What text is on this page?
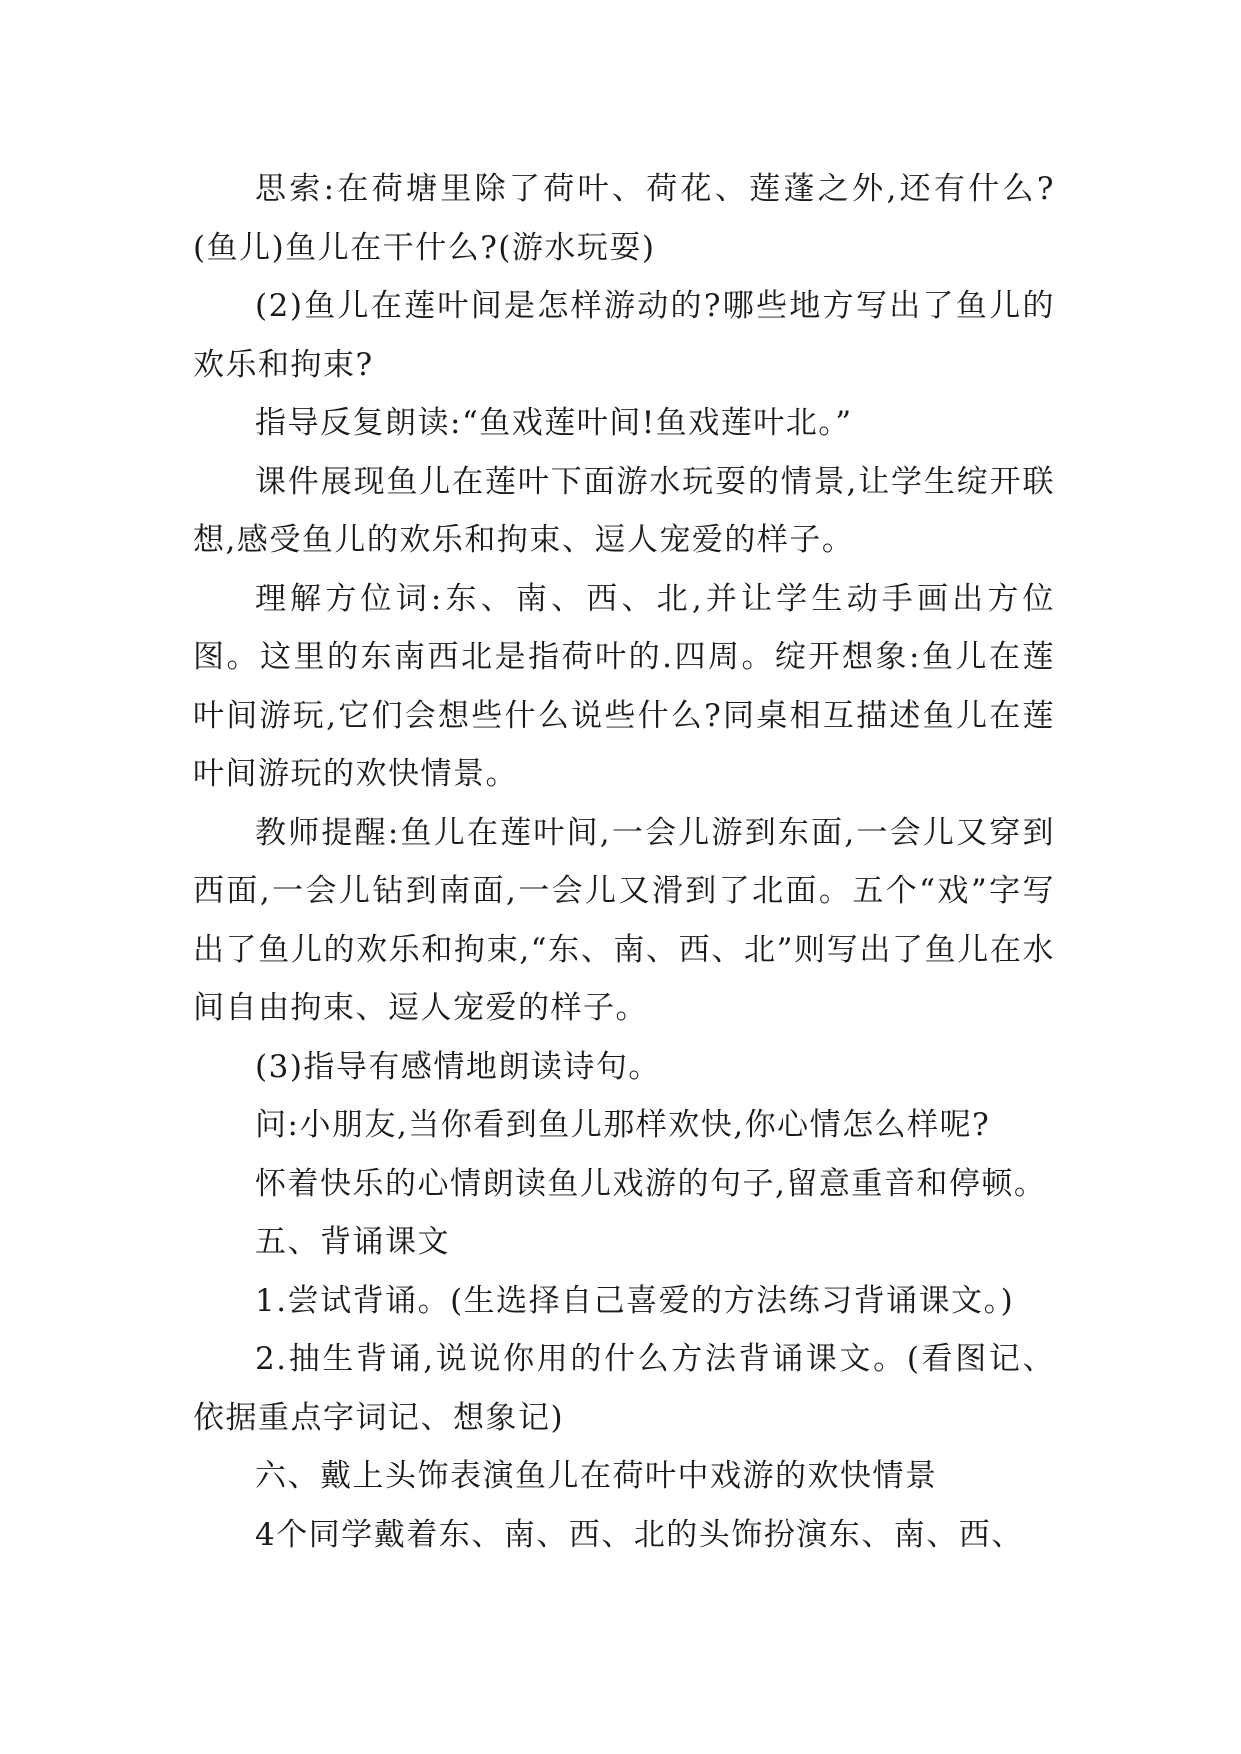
思索:在荷塘里除了荷叶、荷花、莲蓬之外,还有什么?(鱼儿)鱼儿在干什么?(游水玩耍)

(2)鱼儿在莲叶间是怎样游动的?哪些地方写出了鱼儿的欢乐和拘束?

指导反复朗读:“鱼戏莲叶间!鱼戏莲叶北。”

课件展现鱼儿在莲叶下面游水玩耍的情景,让学生绽开联想,感受鱼儿的欢乐和拘束、逗人宠爱的样子。

理解方位词:东、南、西、北,并让学生动手画出方位图。这里的东南西北是指荷叶的.四周。绽开想象:鱼儿在莲叶间游玩,它们会想些什么说些什么?同桌相互描述鱼儿在莲叶间游玩的欢快情景。

教师提醒:鱼儿在莲叶间,一会儿游到东面,一会儿又穿到西面,一会儿钻到南面,一会儿又滑到了北面。五个“戏”字写出了鱼儿的欢乐和拘束,“东、南、西、北”则写出了鱼儿在水间自由拘束、逗人宠爱的样子。

(3)指导有感情地朗读诗句。

问:小朋友,当你看到鱼儿那样欢快,你心情怎么样呢?

怀着快乐的心情朗读鱼儿戏游的句子,留意重音和停顿。

五、背诵课文

1.尝试背诵。(生选择自己喜爱的方法练习背诵课文。)

2.抽生背诵,说说你用的什么方法背诵课文。(看图记、依据重点字词记、想象记)

六、戴上头饰表演鱼儿在荷叶中戏游的欢快情景

4个同学戴着东、南、西、北的头饰扮演东、南、西、
